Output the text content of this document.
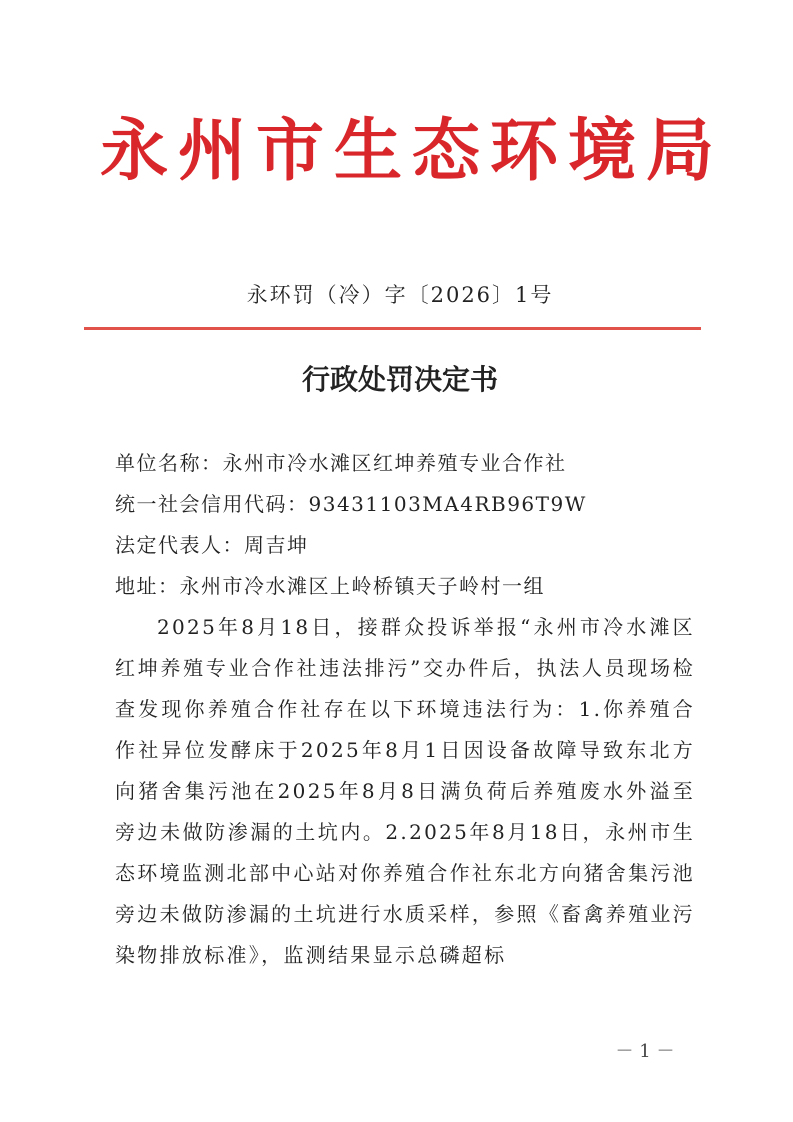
永州市生态环境局
永环罚（冷）字〔2026〕1号
行政处罚决定书
单位名称：永州市冷水滩区红坤养殖专业合作社
统一社会信用代码：93431103MA4RB96T9W
法定代表人：周吉坤
地址：永州市冷水滩区上岭桥镇天子岭村一组

2025年8月18日，接群众投诉举报“永州市冷水滩区红坤养殖专业合作社违法排污”交办件后，执法人员现场检查发现你养殖合作社存在以下环境违法行为：1.你养殖合作社异位发酵床于2025年8月1日因设备故障导致东北方向猪舍集污池在2025年8月8日满负荷后养殖废水外溢至旁边未做防渗漏的土坑内。2.2025年8月18日，永州市生态环境监测北部中心站对你养殖合作社东北方向猪舍集污池旁边未做防渗漏的土坑进行水质采样，参照《畜禽养殖业污染物排放标准》，监测结果显示总磷超标

－ 1 －
